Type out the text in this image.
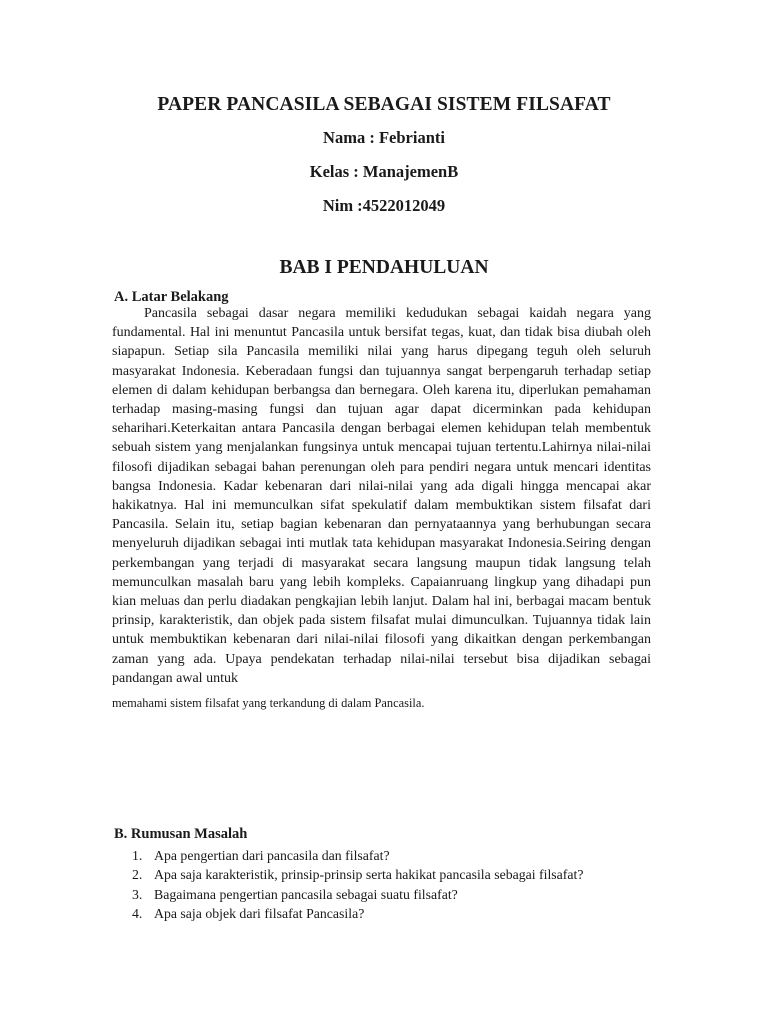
PAPER PANCASILA SEBAGAI SISTEM FILSAFAT
Nama : Febrianti
Kelas : ManajemenB
Nim :4522012049
BAB I PENDAHULUAN
A. Latar Belakang

Pancasila sebagai dasar negara memiliki kedudukan sebagai kaidah negara yang fundamental. Hal ini menuntut Pancasila untuk bersifat tegas, kuat, dan tidak bisa diubah oleh siapapun. Setiap sila Pancasila memiliki nilai yang harus dipegang teguh oleh seluruh masyarakat Indonesia. Keberadaan fungsi dan tujuannya sangat berpengaruh terhadap setiap elemen di dalam kehidupan berbangsa dan bernegara. Oleh karena itu, diperlukan pemahaman terhadap masing-masing fungsi dan tujuan agar dapat dicerminkan pada kehidupan seharihari.Keterkaitan antara Pancasila dengan berbagai elemen kehidupan telah membentuk sebuah sistem yang menjalankan fungsinya untuk mencapai tujuan tertentu.Lahirnya nilai-nilai filosofi dijadikan sebagai bahan perenungan oleh para pendiri negara untuk mencari identitas bangsa Indonesia. Kadar kebenaran dari nilai-nilai yang ada digali hingga mencapai akar hakikatnya. Hal ini memunculkan sifat spekulatif dalam membuktikan sistem filsafat dari Pancasila. Selain itu, setiap bagian kebenaran dan pernyataannya yang berhubungan secara menyeluruh dijadikan sebagai inti mutlak tata kehidupan masyarakat Indonesia.Seiring dengan perkembangan yang terjadi di masyarakat secara langsung maupun tidak langsung telah memunculkan masalah baru yang lebih kompleks. Capaianruang lingkup yang dihadapi pun kian meluas dan perlu diadakan pengkajian lebih lanjut. Dalam hal ini, berbagai macam bentuk prinsip, karakteristik, dan objek pada sistem filsafat mulai dimunculkan. Tujuannya tidak lain untuk membuktikan kebenaran dari nilai-nilai filosofi yang dikaitkan dengan perkembangan zaman yang ada. Upaya pendekatan terhadap nilai-nilai tersebut bisa dijadikan sebagai pandangan awal untuk

memahami sistem filsafat yang terkandung di dalam Pancasila.

B. Rumusan Masalah
1. Apa pengertian dari pancasila dan filsafat?
2. Apa saja karakteristik, prinsip-prinsip serta hakikat pancasila sebagai filsafat?
3. Bagaimana pengertian pancasila sebagai suatu filsafat?
4. Apa saja objek dari filsafat Pancasila?
